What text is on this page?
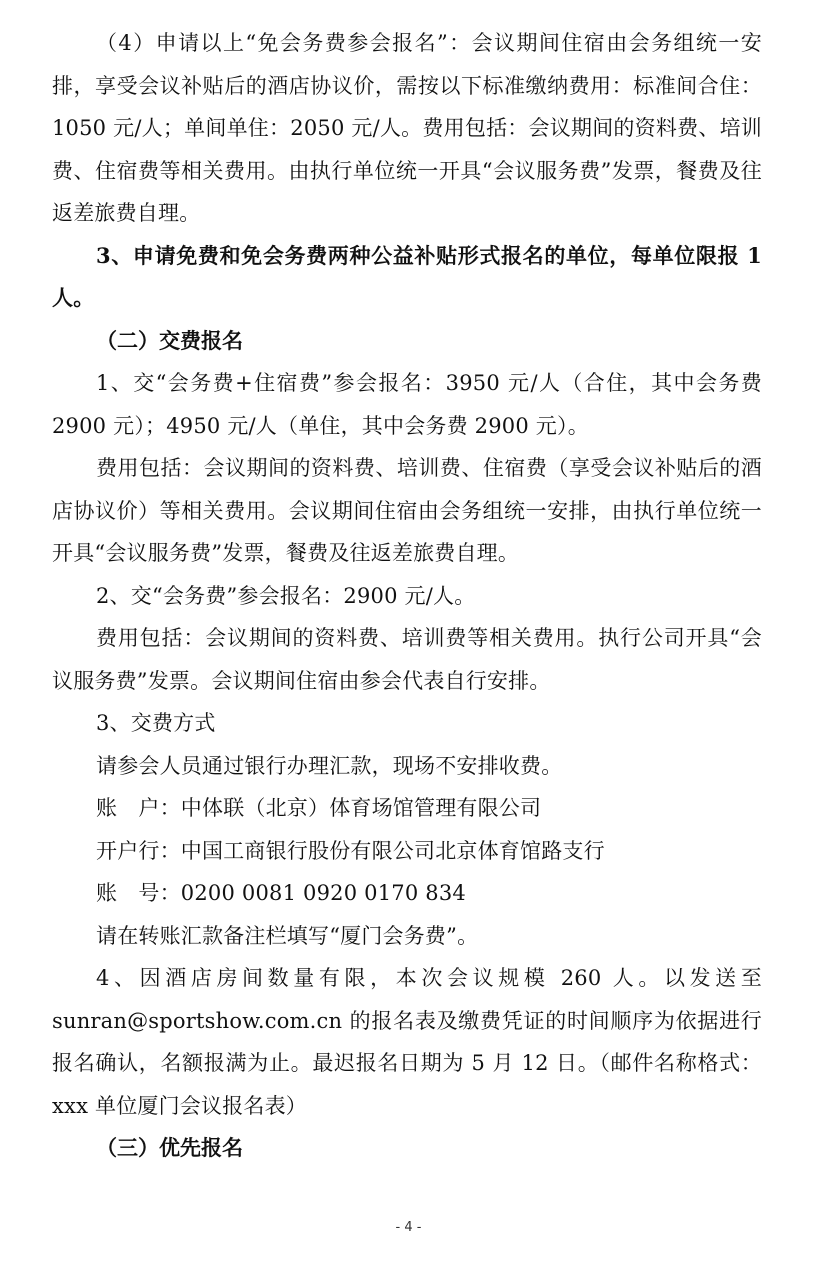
（4）申请以上“免会务费参会报名”：会议期间住宿由会务组统一安排，享受会议补贴后的酒店协议价，需按以下标准缴纳费用：标准间合住：1050 元/人；单间单住：2050 元/人。费用包括：会议期间的资料费、培训费、住宿费等相关费用。由执行单位统一开具“会议服务费”发票，餐费及往返差旅费自理。

3、申请免费和免会务费两种公益补贴形式报名的单位，每单位限报 1 人。

（二）交费报名

1、交“会务费+住宿费”参会报名：3950 元/人（合住，其中会务费 2900 元）；4950 元/人（单住，其中会务费 2900 元）。

费用包括：会议期间的资料费、培训费、住宿费（享受会议补贴后的酒店协议价）等相关费用。会议期间住宿由会务组统一安排，由执行单位统一开具“会议服务费”发票，餐费及往返差旅费自理。

2、交“会务费”参会报名：2900 元/人。

费用包括：会议期间的资料费、培训费等相关费用。执行公司开具“会议服务费”发票。会议期间住宿由参会代表自行安排。

3、交费方式

请参会人员通过银行办理汇款，现场不安排收费。

账　户：中体联（北京）体育场馆管理有限公司

开户行：中国工商银行股份有限公司北京体育馆路支行

账　号：0200 0081 0920 0170 834

请在转账汇款备注栏填写“厦门会务费”。

4、因酒店房间数量有限，本次会议规模 260 人。以发送至 sunran@sportshow.com.cn 的报名表及缴费凭证的时间顺序为依据进行报名确认，名额报满为止。最迟报名日期为 5 月 12 日。（邮件名称格式：xxx 单位厦门会议报名表）

（三）优先报名

- 4 -
